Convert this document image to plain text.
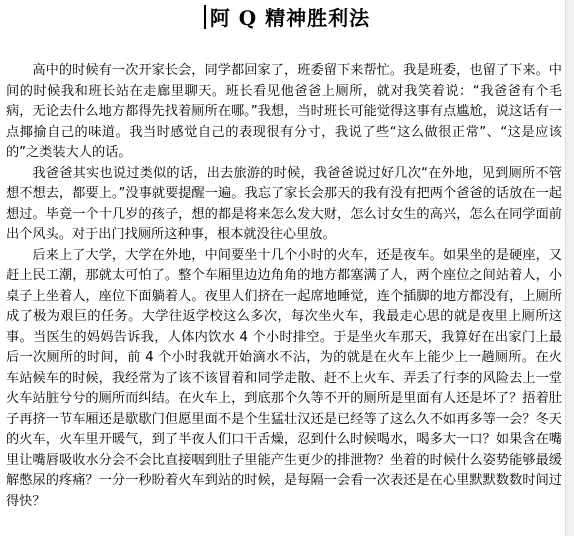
阿 Q 精神胜利法

高中的时候有一次开家长会，同学都回家了，班委留下来帮忙。我是班委，也留了下来。中间的时候我和班长站在走廊里聊天。班长看见他爸爸上厕所，就对我笑着说：“我爸爸有个毛病，无论去什么地方都得先找着厕所在哪。”我想，当时班长可能觉得这事有点尴尬，说这话有一点揶揄自己的味道。我当时感觉自己的表现很有分寸，我说了些“这么做很正常”、“这是应该的”之类装大人的话。

我爸爸其实也说过类似的话，出去旅游的时候，我爸爸说过好几次“在外地，见到厕所不管想不想去，都要上。”没事就要提醒一遍。我忘了家长会那天的我有没有把两个爸爸的话放在一起想过。毕竟一个十几岁的孩子，想的都是将来怎么发大财，怎么讨女生的高兴，怎么在同学面前出个风头。对于出门找厕所这种事，根本就没往心里放。

后来上了大学，大学在外地，中间要坐十几个小时的火车，还是夜车。如果坐的是硬座，又赶上民工潮，那就太可怕了。整个车厢里边边角角的地方都塞满了人，两个座位之间站着人，小桌子上坐着人，座位下面躺着人。夜里人们挤在一起席地睡觉，连个插脚的地方都没有，上厕所成了极为艰巨的任务。大学往返学校这么多次，每次坐火车，我最走心思的就是夜里上厕所这事。当医生的妈妈告诉我，人体内饮水 4 个小时排空。于是坐火车那天，我算好在出家门上最后一次厕所的时间，前 4 个小时我就开始滴水不沾，为的就是在火车上能少上一趟厕所。在火车站候车的时候，我经常为了该不该冒着和同学走散、赶不上火车、弄丢了行李的风险去上一堂火车站脏兮兮的厕所而纠结。在火车上，到底那个久等不开的厕所是里面有人还是坏了？捂着肚子再挤一节车厢还是歇歇门但愿里面不是个生猛壮汉还是已经等了这么久不如再多等一会？冬天的火车，火车里开暖气，到了半夜人们口干舌燥，忍到什么时候喝水，喝多大一口？如果含在嘴里让嘴唇吸收水分会不会比直接咽到肚子里能产生更少的排泄物？坐着的时候什么姿势能够最缓解憋尿的疼痛？一分一秒盼着火车到站的时候，是每隔一会看一次表还是在心里默默数数时间过得快？
